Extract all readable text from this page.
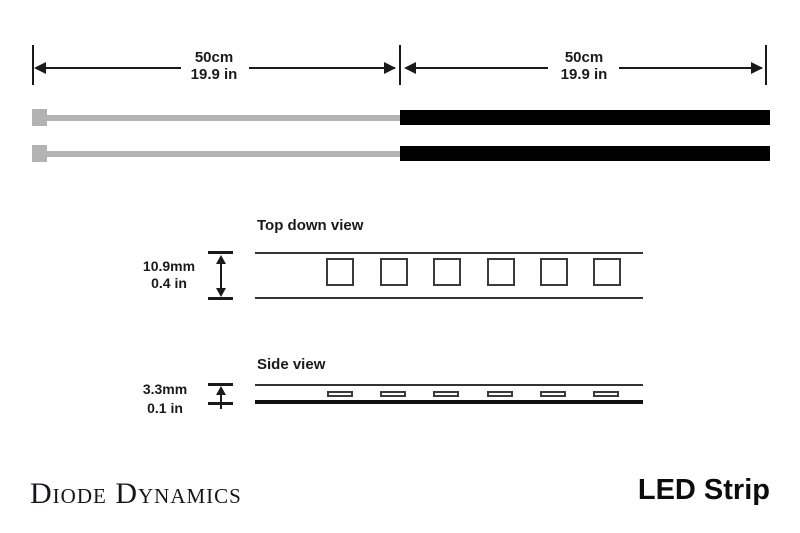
50cm
19.9 in
50cm
19.9 in
Top down view
10.9mm
0.4 in
Side view
3.3mm
0.1 in
Diode Dynamics	LED Strip
